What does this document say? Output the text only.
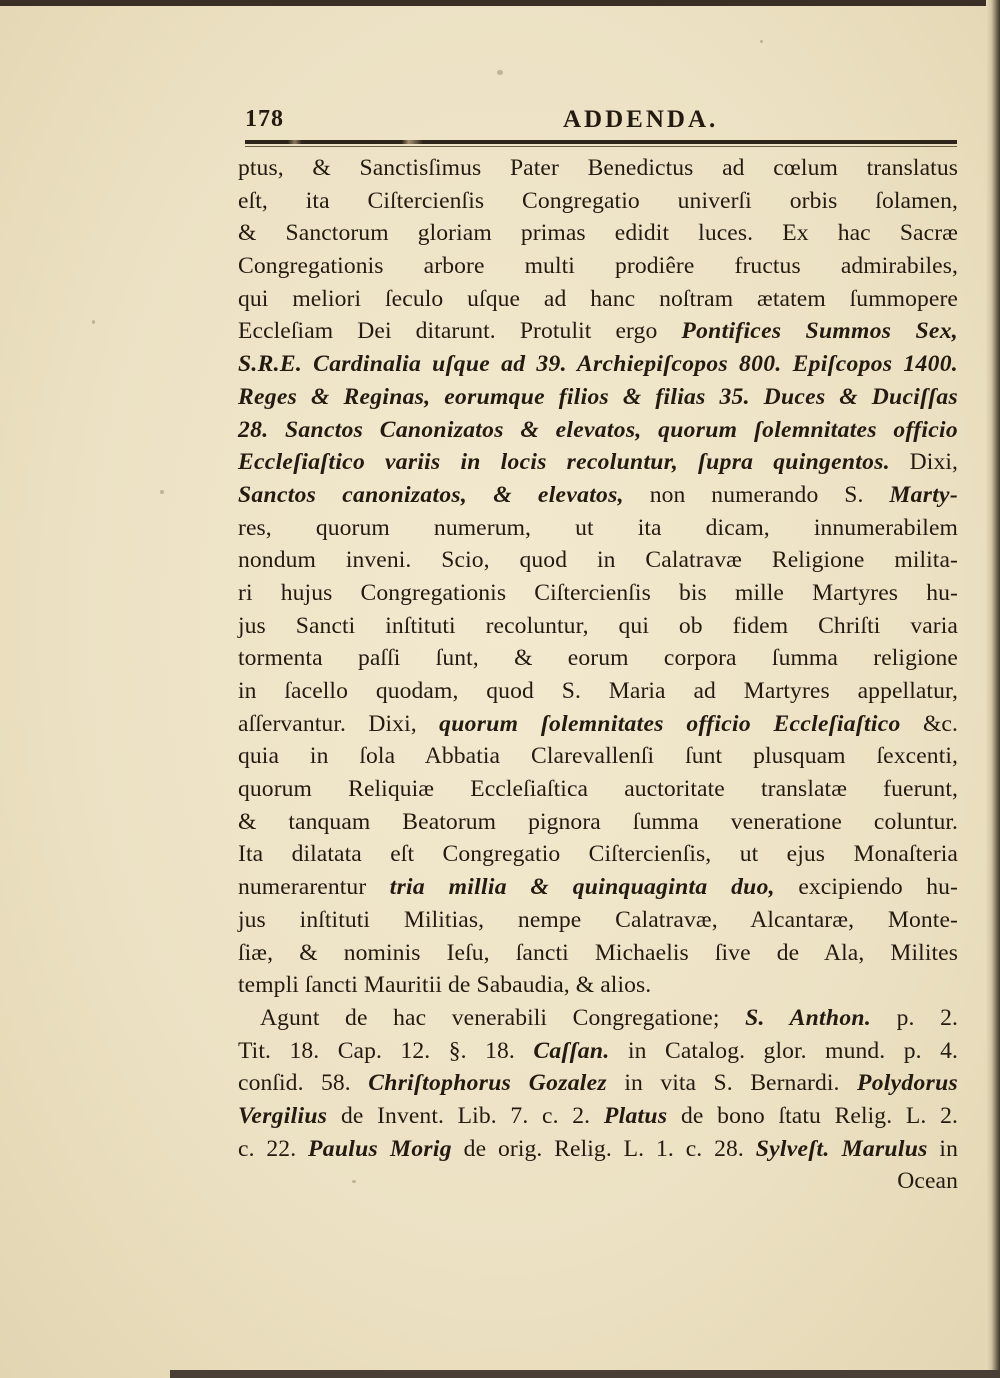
178	ADDENDA.
ptus, & Sanctisſimus Pater Benedictus ad cœlum translatus
eſt, ita Ciſtercienſis Congregatio univerſi orbis ſolamen,
& Sanctorum gloriam primas edidit luces. Ex hac Sacræ
Congregationis arbore multi prodiêre fructus admirabiles,
qui meliori ſeculo uſque ad hanc noſtram ætatem ſummopere
Eccleſiam Dei ditarunt. Protulit ergo Pontifices Summos Sex,
S.R.E. Cardinalia uſque ad 39. Archiepiſcopos 800. Epiſcopos 1400.
Reges & Reginas, eorumque filios & filias 35. Duces & Duciſſas
28. Sanctos Canonizatos & elevatos, quorum ſolemnitates officio
Eccleſiaſtico variis in locis recoluntur, ſupra quingentos. Dixi,
Sanctos canonizatos, & elevatos, non numerando S. Marty-
res, quorum numerum, ut ita dicam, innumerabilem
nondum inveni. Scio, quod in Calatravæ Religione milita-
ri hujus Congregationis Ciſtercienſis bis mille Martyres hu-
jus Sancti inſtituti recoluntur, qui ob fidem Chriſti varia
tormenta paſſi ſunt, & eorum corpora ſumma religione
in ſacello quodam, quod S. Maria ad Martyres appellatur,
aſſervantur. Dixi, quorum ſolemnitates officio Eccleſiaſtico &c.
quia in ſola Abbatia Clarevallenſi ſunt plusquam ſexcenti,
quorum Reliquiæ Eccleſiaſtica auctoritate translatæ fuerunt,
& tanquam Beatorum pignora ſumma veneratione coluntur.
Ita dilatata eſt Congregatio Ciſtercienſis, ut ejus Monaſteria
numerarentur tria millia & quinquaginta duo, excipiendo hu-
jus inſtituti Militias, nempe Calatravæ, Alcantaræ, Monte-
ſiæ, & nominis Ieſu, ſancti Michaelis ſive de Ala, Milites
templi ſancti Mauritii de Sabaudia, & alios.
Agunt de hac venerabili Congregatione; S. Anthon. p. 2.
Tit. 18. Cap. 12. §. 18. Caſſan. in Catalog. glor. mund. p. 4.
conſid. 58. Chriſtophorus Gozalez in vita S. Bernardi. Polydorus
Vergilius de Invent. Lib. 7. c. 2. Platus de bono ſtatu Relig. L. 2.
c. 22. Paulus Morig de orig. Relig. L. 1. c. 28. Sylveſt. Marulus in
Ocean
